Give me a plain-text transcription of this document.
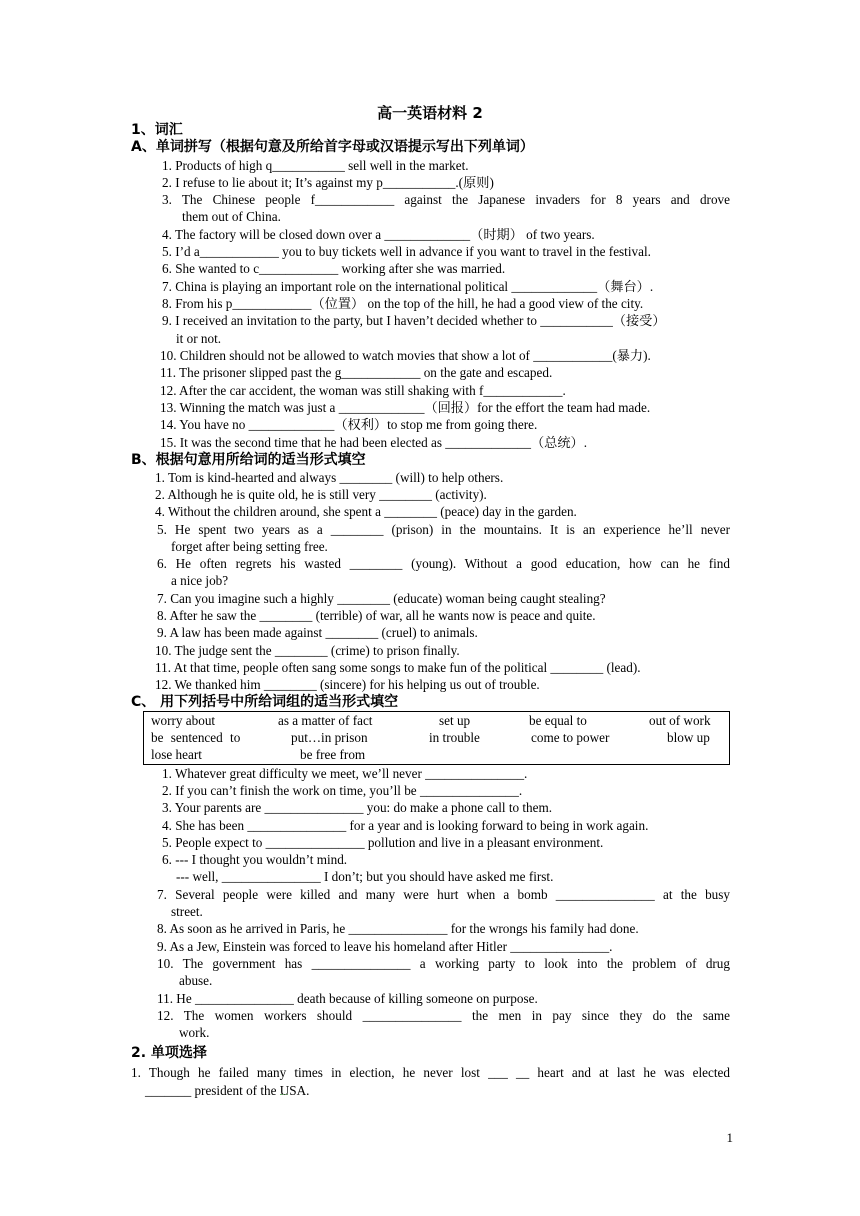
高一英语材料 2
1、词汇
A、单词拼写（根据句意及所给首字母或汉语提示写出下列单词）
1. Products of high q___________ sell well in the market.
2. I refuse to lie about it; It’s against my p___________.(原则)
3. The Chinese people f____________ against the Japanese invaders for 8 years and drove
them out of China.
4. The factory will be closed down over a _____________（时期） of two years.
5. I’d a____________ you to buy tickets well in advance if you want to travel in the festival.
6. She wanted to c____________ working after she was married.
7. China is playing an important role on the international political _____________（舞台）.
8. From his p____________（位置） on the top of the hill, he had a good view of the city.
9. I received an invitation to the party, but I haven’t decided whether to ___________（接受）
it or not.
10. Children should not be allowed to watch movies that show a lot of ____________(暴力).
11. The prisoner slipped past the g____________ on the gate and escaped.
12. After the car accident, the woman was still shaking with f____________.
13. Winning the match was just a _____________（回报）for the effort the team had made.
14. You have no _____________（权利）to stop me from going there.
15. It was the second time that he had been elected as _____________（总统）.
B、根据句意用所给词的适当形式填空
1. Tom is kind-hearted and always ________ (will) to help others.
2. Although he is quite old, he is still very ________ (activity).
4. Without the children around, she spent a ________ (peace) day in the garden.
5. He spent two years as a ________ (prison) in the mountains. It is an experience he’ll never
forget after being setting free.
6. He often regrets his wasted ________ (young). Without a good education, how can he find
a nice job?
7. Can you imagine such a highly ________ (educate) woman being caught stealing?
8. After he saw the ________ (terrible) of war, all he wants now is peace and quite.
9. A law has been made against ________ (cruel) to animals.
10. The judge sent the ________ (crime) to prison finally.
11. At that time, people often sang some songs to make fun of the political ________ (lead).
12. We thanked him ________ (sincere) for his helping us out of trouble.
C、 用下列括号中所给词组的适当形式填空
worry about	as a matter of fact	set up	be equal to	out of work
be sentenced to	put…in prison	in trouble	come to power	blow up
lose heart	be free from
1. Whatever great difficulty we meet, we’ll never _______________.
2. If you can’t finish the work on time, you’ll be _______________.
3. Your parents are _______________ you: do make a phone call to them.
4. She has been _______________ for a year and is looking forward to being in work again.
5. People expect to _______________ pollution and live in a pleasant environment.
6. --- I thought you wouldn’t mind.
--- well, _______________ I don’t; but you should have asked me first.
7. Several people were killed and many were hurt when a bomb _______________ at the busy
street.
8. As soon as he arrived in Paris, he _______________ for the wrongs his family had done.
9. As a Jew, Einstein was forced to leave his homeland after Hitler _______________.
10. The government has _______________ a working party to look into the problem of drug
abuse.
11. He _______________ death because of killing someone on purpose.
12. The women workers should _______________ the men in pay since they do the same
work.
2. 单项选择
1. Though he failed many times in election, he never lost ___ __ heart and at last he was elected
_______ president of the USA.
1
